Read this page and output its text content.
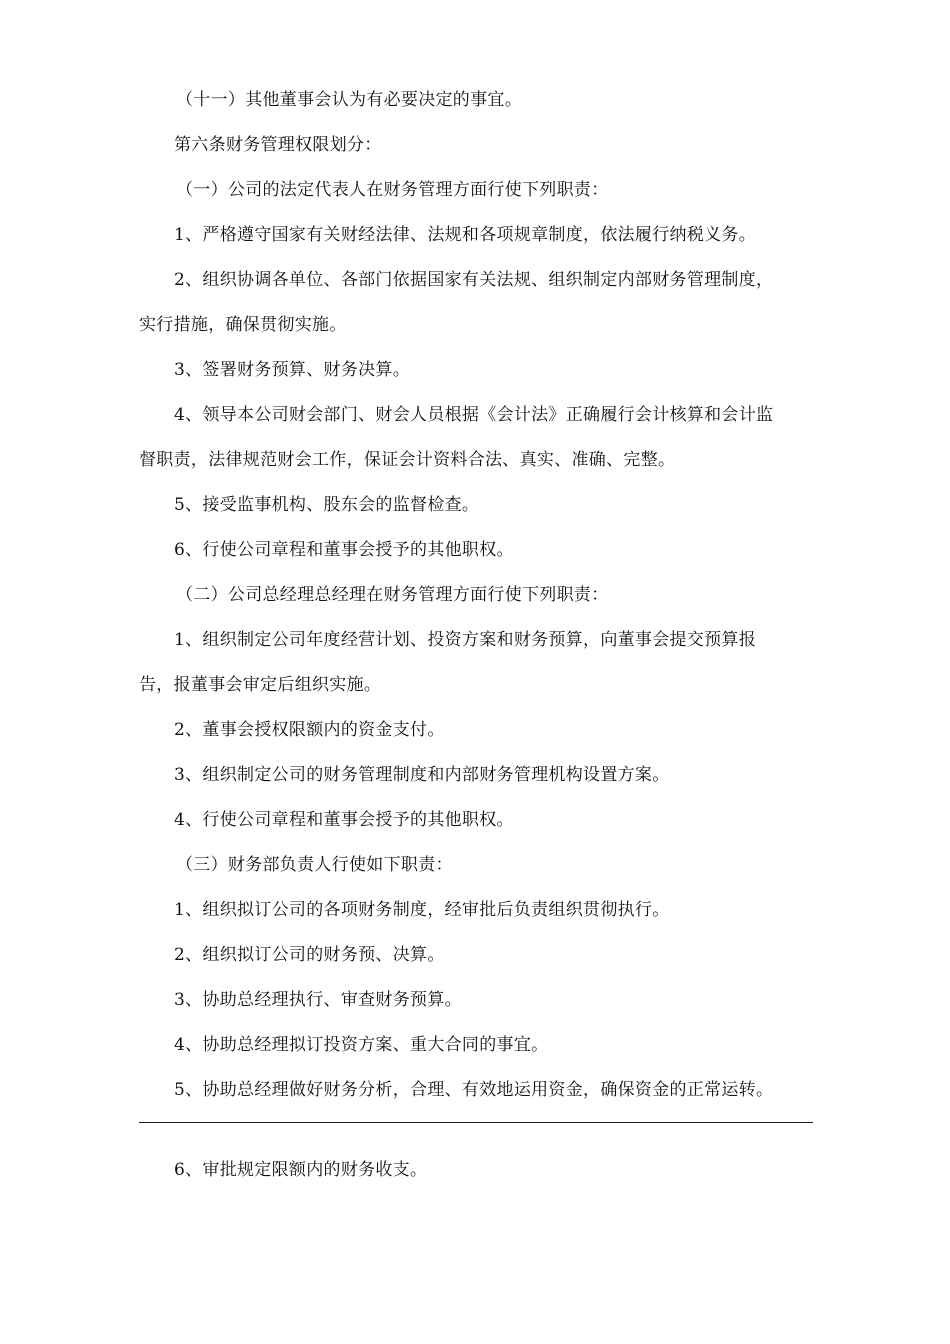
（十一）其他董事会认为有必要决定的事宜。

第六条财务管理权限划分：

（一）公司的法定代表人在财务管理方面行使下列职责：

1、严格遵守国家有关财经法律、法规和各项规章制度，依法履行纳税义务。

2、组织协调各单位、各部门依据国家有关法规、组织制定内部财务管理制度，

实行措施，确保贯彻实施。

3、签署财务预算、财务决算。

4、领导本公司财会部门、财会人员根据《会计法》正确履行会计核算和会计监

督职责，法律规范财会工作，保证会计资料合法、真实、准确、完整。

5、接受监事机构、股东会的监督检查。

6、行使公司章程和董事会授予的其他职权。

（二）公司总经理总经理在财务管理方面行使下列职责：

1、组织制定公司年度经营计划、投资方案和财务预算，向董事会提交预算报

告，报董事会审定后组织实施。

2、董事会授权限额内的资金支付。

3、组织制定公司的财务管理制度和内部财务管理机构设置方案。

4、行使公司章程和董事会授予的其他职权。

（三）财务部负责人行使如下职责：

1、组织拟订公司的各项财务制度，经审批后负责组织贯彻执行。

2、组织拟订公司的财务预、决算。

3、协助总经理执行、审查财务预算。

4、协助总经理拟订投资方案、重大合同的事宜。

5、协助总经理做好财务分析，合理、有效地运用资金，确保资金的正常运转。

6、审批规定限额内的财务收支。
